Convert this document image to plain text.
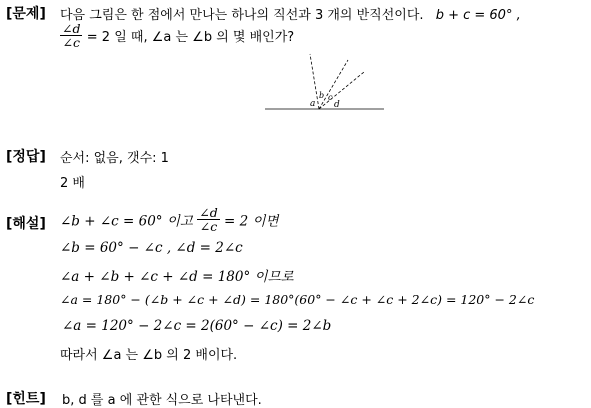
[문제] 다음 그림은 한 점에서 만나는 하나의 직선과 3 개의 반직선이다. b + c = 60° ,
$\frac{\angle d}{\angle c} = 2$ 일 때, ∠a 는 ∠b 의 몇 배인가?
a
b c
d
[정답] 순서: 없음, 갯수: 1
2 배
[해설] ∠b + ∠c = 60° 이고 $\frac{\angle d}{\angle c} = 2$ 이면
∠b = 60° − ∠c , ∠d = 2∠c
∠a + ∠b + ∠c + ∠d = 180° 이므로
∠a = 180° − (∠b + ∠c + ∠d) = 180°(60° − ∠c + ∠c + 2∠c) = 120° − 2∠c
∠a = 120° − 2∠c = 2(60° − ∠c) = 2∠b
따라서 ∠a 는 ∠b 의 2 배이다.
[힌트] b, d 를 a 에 관한 식으로 나타낸다.
